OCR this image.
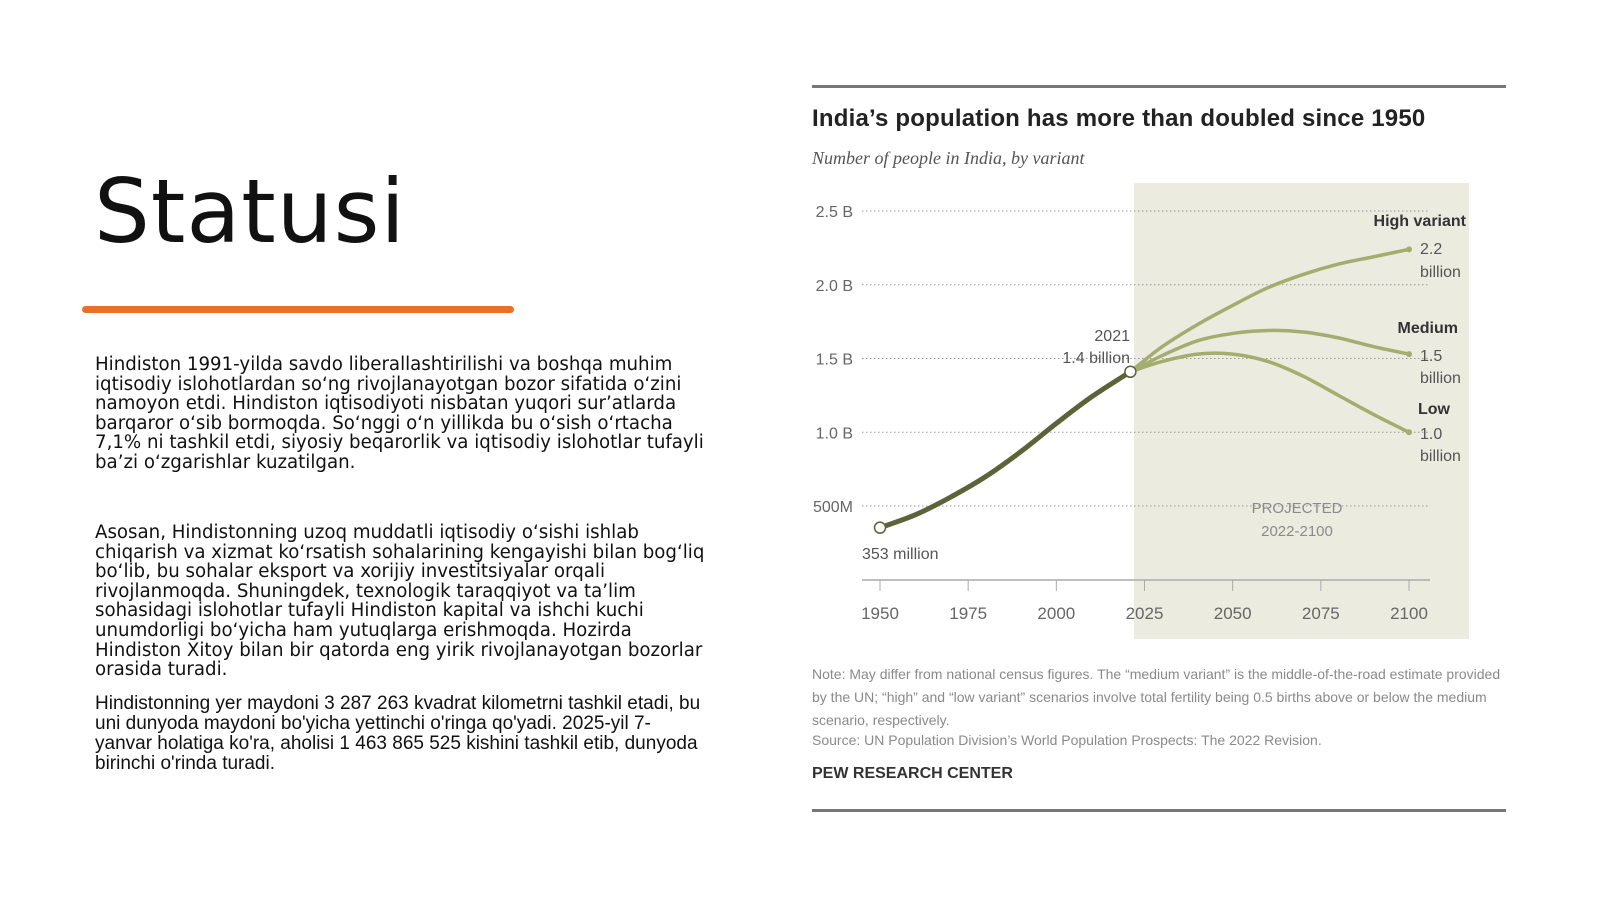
Statusi
Hindiston 1991-yilda savdo liberallashtirilishi va boshqa muhim iqtisodiy islohotlardan so‘ng rivojlanayotgan bozor sifatida o‘zini namoyon etdi. Hindiston iqtisodiyoti nisbatan yuqori sur’atlarda barqaror o‘sib bormoqda. So‘nggi o‘n yillikda bu o‘sish o‘rtacha 7,1% ni tashkil etdi, siyosiy beqarorlik va iqtisodiy islohotlar tufayli ba’zi o‘zgarishlar kuzatilgan.
Asosan, Hindistonning uzoq muddatli iqtisodiy o‘sishi ishlab chiqarish va xizmat ko‘rsatish sohalarining kengayishi bilan bog‘liq bo‘lib, bu sohalar eksport va xorijiy investitsiyalar orqali rivojlanmoqda. Shuningdek, texnologik taraqqiyot va ta’lim sohasidagi islohotlar tufayli Hindiston kapital va ishchi kuchi unumdorligi bo‘yicha ham yutuqlarga erishmoqda. Hozirda Hindiston Xitoy bilan bir qatorda eng yirik rivojlanayotgan bozorlar orasida turadi.
Hindistonning yer maydoni 3 287 263 kvadrat kilometrni tashkil etadi, bu uni dunyoda maydoni bo'yicha yettinchi o'ringa qo'yadi. 2025-yil 7-yanvar holatiga ko'ra, aholisi 1 463 865 525 kishini tashkil etib, dunyoda birinchi o'rinda turadi.
India’s population has more than doubled since 1950
Number of people in India, by variant
500M
1.0 B
1.5 B
2.0 B
2.5 B
1950	1975	2000	2025	2050	2075	2100
PROJECTED
2022-2100
353 million
2021
1.4 billion
High variant
2.2
billion
Medium
1.5
billion
Low
1.0
billion
Note: May differ from national census figures. The “medium variant” is the middle-of-the-road estimate provided by the UN; “high” and “low variant” scenarios involve total fertility being 0.5 births above or below the medium scenario, respectively.
Source: UN Population Division’s World Population Prospects: The 2022 Revision.
PEW RESEARCH CENTER
